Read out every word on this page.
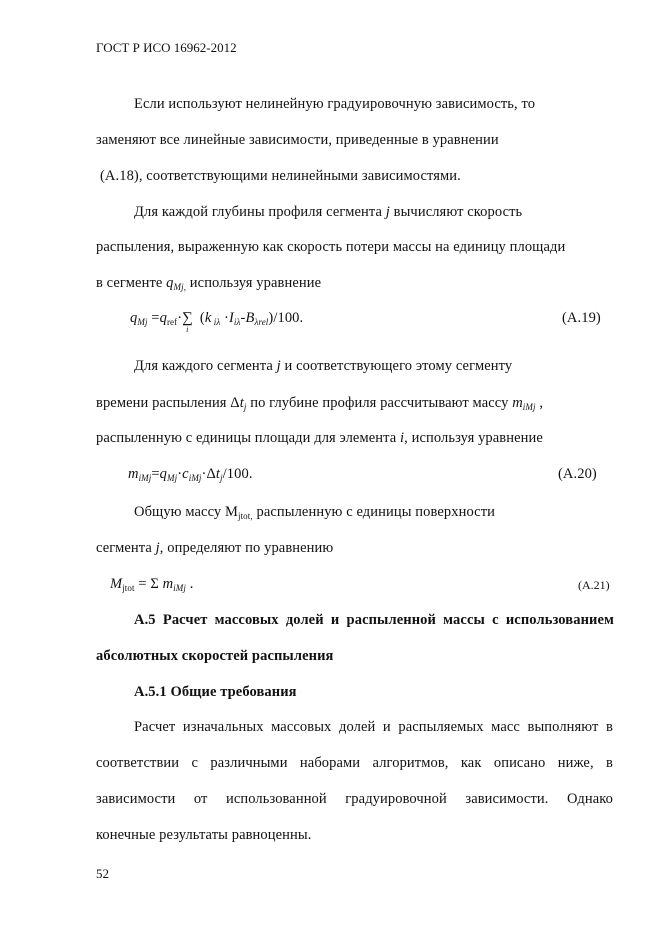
ГОСТ Р ИСО 16962-2012
Если используют нелинейную градуировочную зависимость, то
заменяют все линейные зависимости, приведенные в уравнении
(А.18), соответствующими нелинейными зависимостями.
Для каждой глубины профиля сегмента j вычисляют скорость
распыления, выраженную как скорость потери массы на единицу площади
в сегменте $q_{Mj,}$ используя уравнение
$q_{Mj} =q_{ref}\cdot\sum$
i
(k $_{i\lambda} \cdot I_{i\lambda}-B_{\lambda rel})/100$.	(А.19)
Для каждого сегмента j и соответствующего этому сегменту
времени распыления $\Delta t_j$ по глубине профиля рассчитывают массу $m_{iMj}$ ,
распыленную с единицы площади для элемента i, используя уравнение
$m_{iMj}=q_{Mj}\cdot c_{iMj}\cdot\Delta t_j/100$.	(А.20)
Общую массу $M_{jtot,}$ распыленную с единицы поверхности
сегмента j, определяют по уравнению
$M_{jtot} = \Sigma$ $m_{iMj}$ .	(А.21)
А.5 Расчет массовых долей и распыленной массы с использованием
абсолютных скоростей распыления
А.5.1 Общие требования
Расчет изначальных массовых долей и распыляемых масс выполняют в
соответствии с различными наборами алгоритмов, как описано ниже, в
зависимости от использованной градуировочной зависимости. Однако
конечные результаты равноценны.
52
